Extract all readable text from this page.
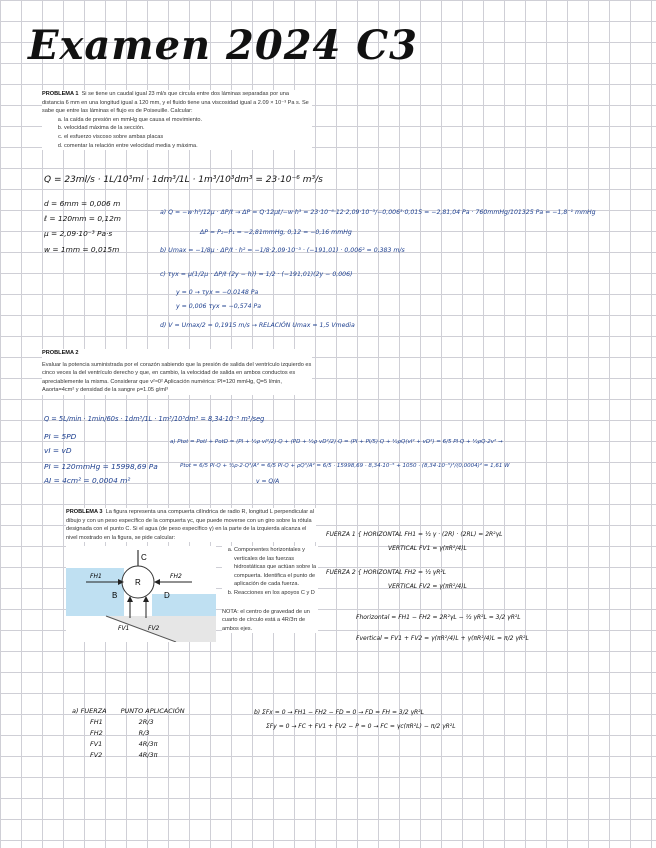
Examen 2024 C3
PROBLEMA 1 Si se tiene un caudal igual 23 ml/s que circula entre dos láminas separadas por una distancia 6 mm en una longitud igual a 120 mm, y el fluido tiene una viscosidad igual a 2.09 × 10⁻³ Pa s. Se sabe que entre las láminas el flujo es de Poiseuille. Calcular:
a. la caída de presión en mmHg que causa el movimiento.
b. velocidad máxima de la sección.
c. el esfuerzo viscoso sobre ambas placas
d. comentar la relación entre velocidad media y máxima.
Q = 23ml/s · 1L/10³ml · 1dm³/1L · 1m³/10³dm³ = 23·10⁻⁶ m³/s
d = 6mm = 0,006 m
ℓ = 120mm = 0,12m
μ = 2,09·10⁻³ Pa·s
w = 1mm = 0,015m
a) Q = −w·h³/12μ · ΔP/ℓ → ΔP = Q·12μℓ/−w·h³ = 23·10⁻⁶·12·2,09·10⁻³/−0,006³·0,015 = −2,81,04 Pa · 760mmHg/101325 Pa = −1,8⁻¹ mmHg
ΔP = P₂−P₁ = −2,81mmHg, 0,12 = −0,16 mmHg
b) Umax = −1/8μ · ΔP/ℓ · h² = −1/8·2,09·10⁻³ · (−191,01) · 0,006² = 0,383 m/s
c) τyx = μ(1/2μ · ΔP/ℓ (2y − h)) = 1/2 · (−191,01)(2y − 0,006)
y = 0 → τyx = −0,0148 Pa
y = 0,006 τyx = −0,574 Pa
d) V = Umax/2 = 0,1915 m/s → RELACIÓN Umax = 1,5 Vmedia
PROBLEMA 2
Evaluar la potencia suministrada por el corazón sabiendo que la presión de salida del ventrículo izquierdo es cinco veces la del ventrículo derecho y que, en cambio, la velocidad de salida en ambos conductos es apreciablemente la misma. Considerar que v²≈0² Aplicación numérica: PI=120 mmHg, Q=5 l/min, Aaorta=4cm² y densidad de la sangre ρ=1.05 g/ml³
Q = 5L/min · 1min/60s · 1dm³/1L · 1m³/10³dm³ = 8,34·10⁻⁵ m³/seg
PI = 5PD
vI = vD
PI = 120mmHg = 15998,69 Pa
AI = 4cm² = 0,0004 m²
a) Ptot = PotI + PotD = (PI + ½ρ vI²/2)·Q + (PD + ½ρ vD²/2)·Q = (PI + PI/5)·Q + ½ρQ(vI² + vD²) = 6/5 PI·Q + ½ρQ·2v² →
Ptot = 6/5 PI·Q + ½ρ·2·Q³/A² = 6/5 PI·Q + ρQ³/A² = 6/5 · 15998,69 · 8,34·10⁻⁵ + 1050 · (8,34·10⁻⁵)³/(0,0004)² = 1,61 W
v = Q/A
PROBLEMA 3 La figura representa una compuerta cilíndrica de radio R, longitud L perpendicular al dibujo y con un peso específico de la compuerta γc, que puede moverse con un giro sobre la rótula designada con el punto C. Si el agua (de peso específico γ) en la parte de la izquierda alcanza el nivel mostrado en la figura, se pide calcular:
a. Componentes horizontales y verticales de las fuerzas hidrostáticas que actúan sobre la compuerta. Identifica el punto de aplicación de cada fuerza.
b. Reacciones en los apoyos C y D
NOTA: el centro de gravedad de un cuarto de círculo está a 4R/3π de ambos ejes.
FH1	FH2
R
B	D
C
FV1	FV2
FUERZA 1 { HORIZONTAL FH1 = ½ γ · (2R) · (2RL) = 2R²γL
VERTICAL FV1 = γ(πR²/4)L
FUERZA 2 { HORIZONTAL FH2 = ½ γR²L
VERTICAL FV2 = γ(πR²/4)L
Fhorizontal = FH1 − FH2 = 2R²γL − ½ γR²L = 3/2 γR²L
Fvertical = FV1 + FV2 = γ(πR²/4)L + γ(πR²/4)L = π/2 γR²L
a) FUERZA	PUNTO APLICACIÓN
FH1	2R/3
FH2	R/3
FV1	4R/3π
FV2	4R/3π
b) ΣFx = 0 → FH1 − FH2 − FD = 0 → FD = FH = 3/2 γR²L
ΣFy = 0 → FC + FV1 + FV2 − P = 0 → FC = γc(πR²L) − π/2 γR²L
